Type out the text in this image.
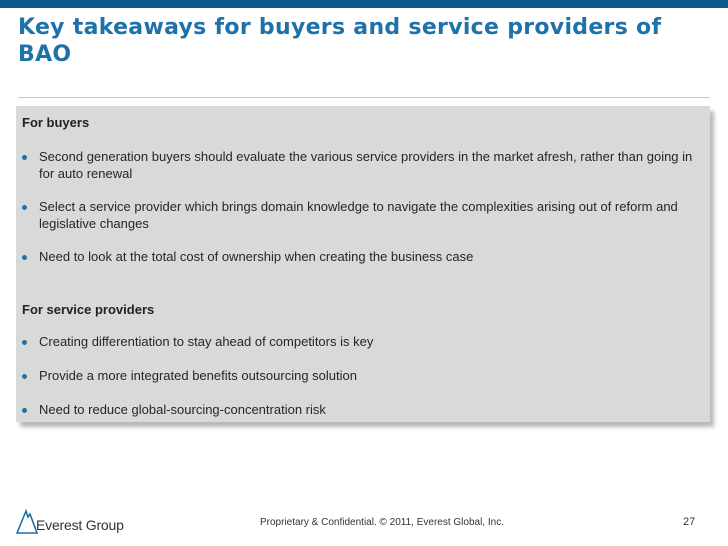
Key takeaways for buyers and service providers of BAO
For buyers
Second generation buyers should evaluate the various service providers in the market afresh, rather than going in for auto renewal
Select a service provider which brings domain knowledge to navigate the complexities arising out of reform and legislative changes
Need to look at the total cost of ownership when creating the business case
For service providers
Creating differentiation to stay ahead of competitors is key
Provide a more integrated benefits outsourcing solution
Need to reduce global-sourcing-concentration risk
Everest Group	Proprietary & Confidential. © 2011, Everest Global, Inc.	27
